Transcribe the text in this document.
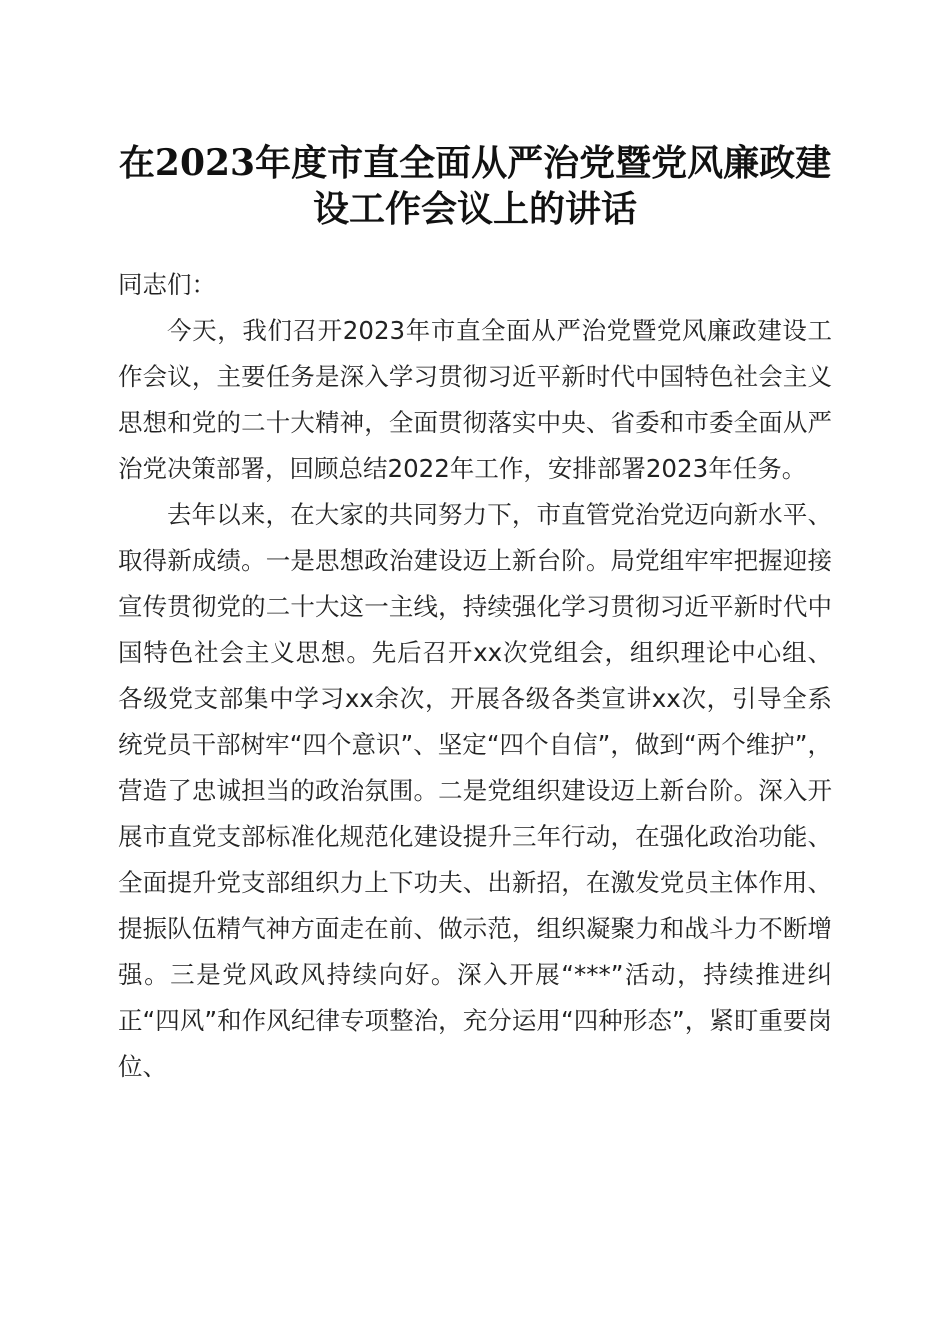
在2023年度市直全面从严治党暨党风廉政建
设工作会议上的讲话

同志们：

今天，我们召开2023年市直全面从严治党暨党风廉政建设工作会议，主要任务是深入学习贯彻习近平新时代中国特色社会主义思想和党的二十大精神，全面贯彻落实中央、省委和市委全面从严治党决策部署，回顾总结2022年工作，安排部署2023年任务。

去年以来，在大家的共同努力下，市直管党治党迈向新水平、取得新成绩。一是思想政治建设迈上新台阶。局党组牢牢把握迎接宣传贯彻党的二十大这一主线，持续强化学习贯彻习近平新时代中国特色社会主义思想。先后召开xx次党组会，组织理论中心组、各级党支部集中学习xx余次，开展各级各类宣讲xx次，引导全系统党员干部树牢“四个意识”、坚定“四个自信”，做到“两个维护”，营造了忠诚担当的政治氛围。二是党组织建设迈上新台阶。深入开展市直党支部标准化规范化建设提升三年行动，在强化政治功能、全面提升党支部组织力上下功夫、出新招，在激发党员主体作用、提振队伍精气神方面走在前、做示范，组织凝聚力和战斗力不断增强。三是党风政风持续向好。深入开展“***”活动，持续推进纠正“四风”和作风纪律专项整治，充分运用“四种形态”，紧盯重要岗位、
